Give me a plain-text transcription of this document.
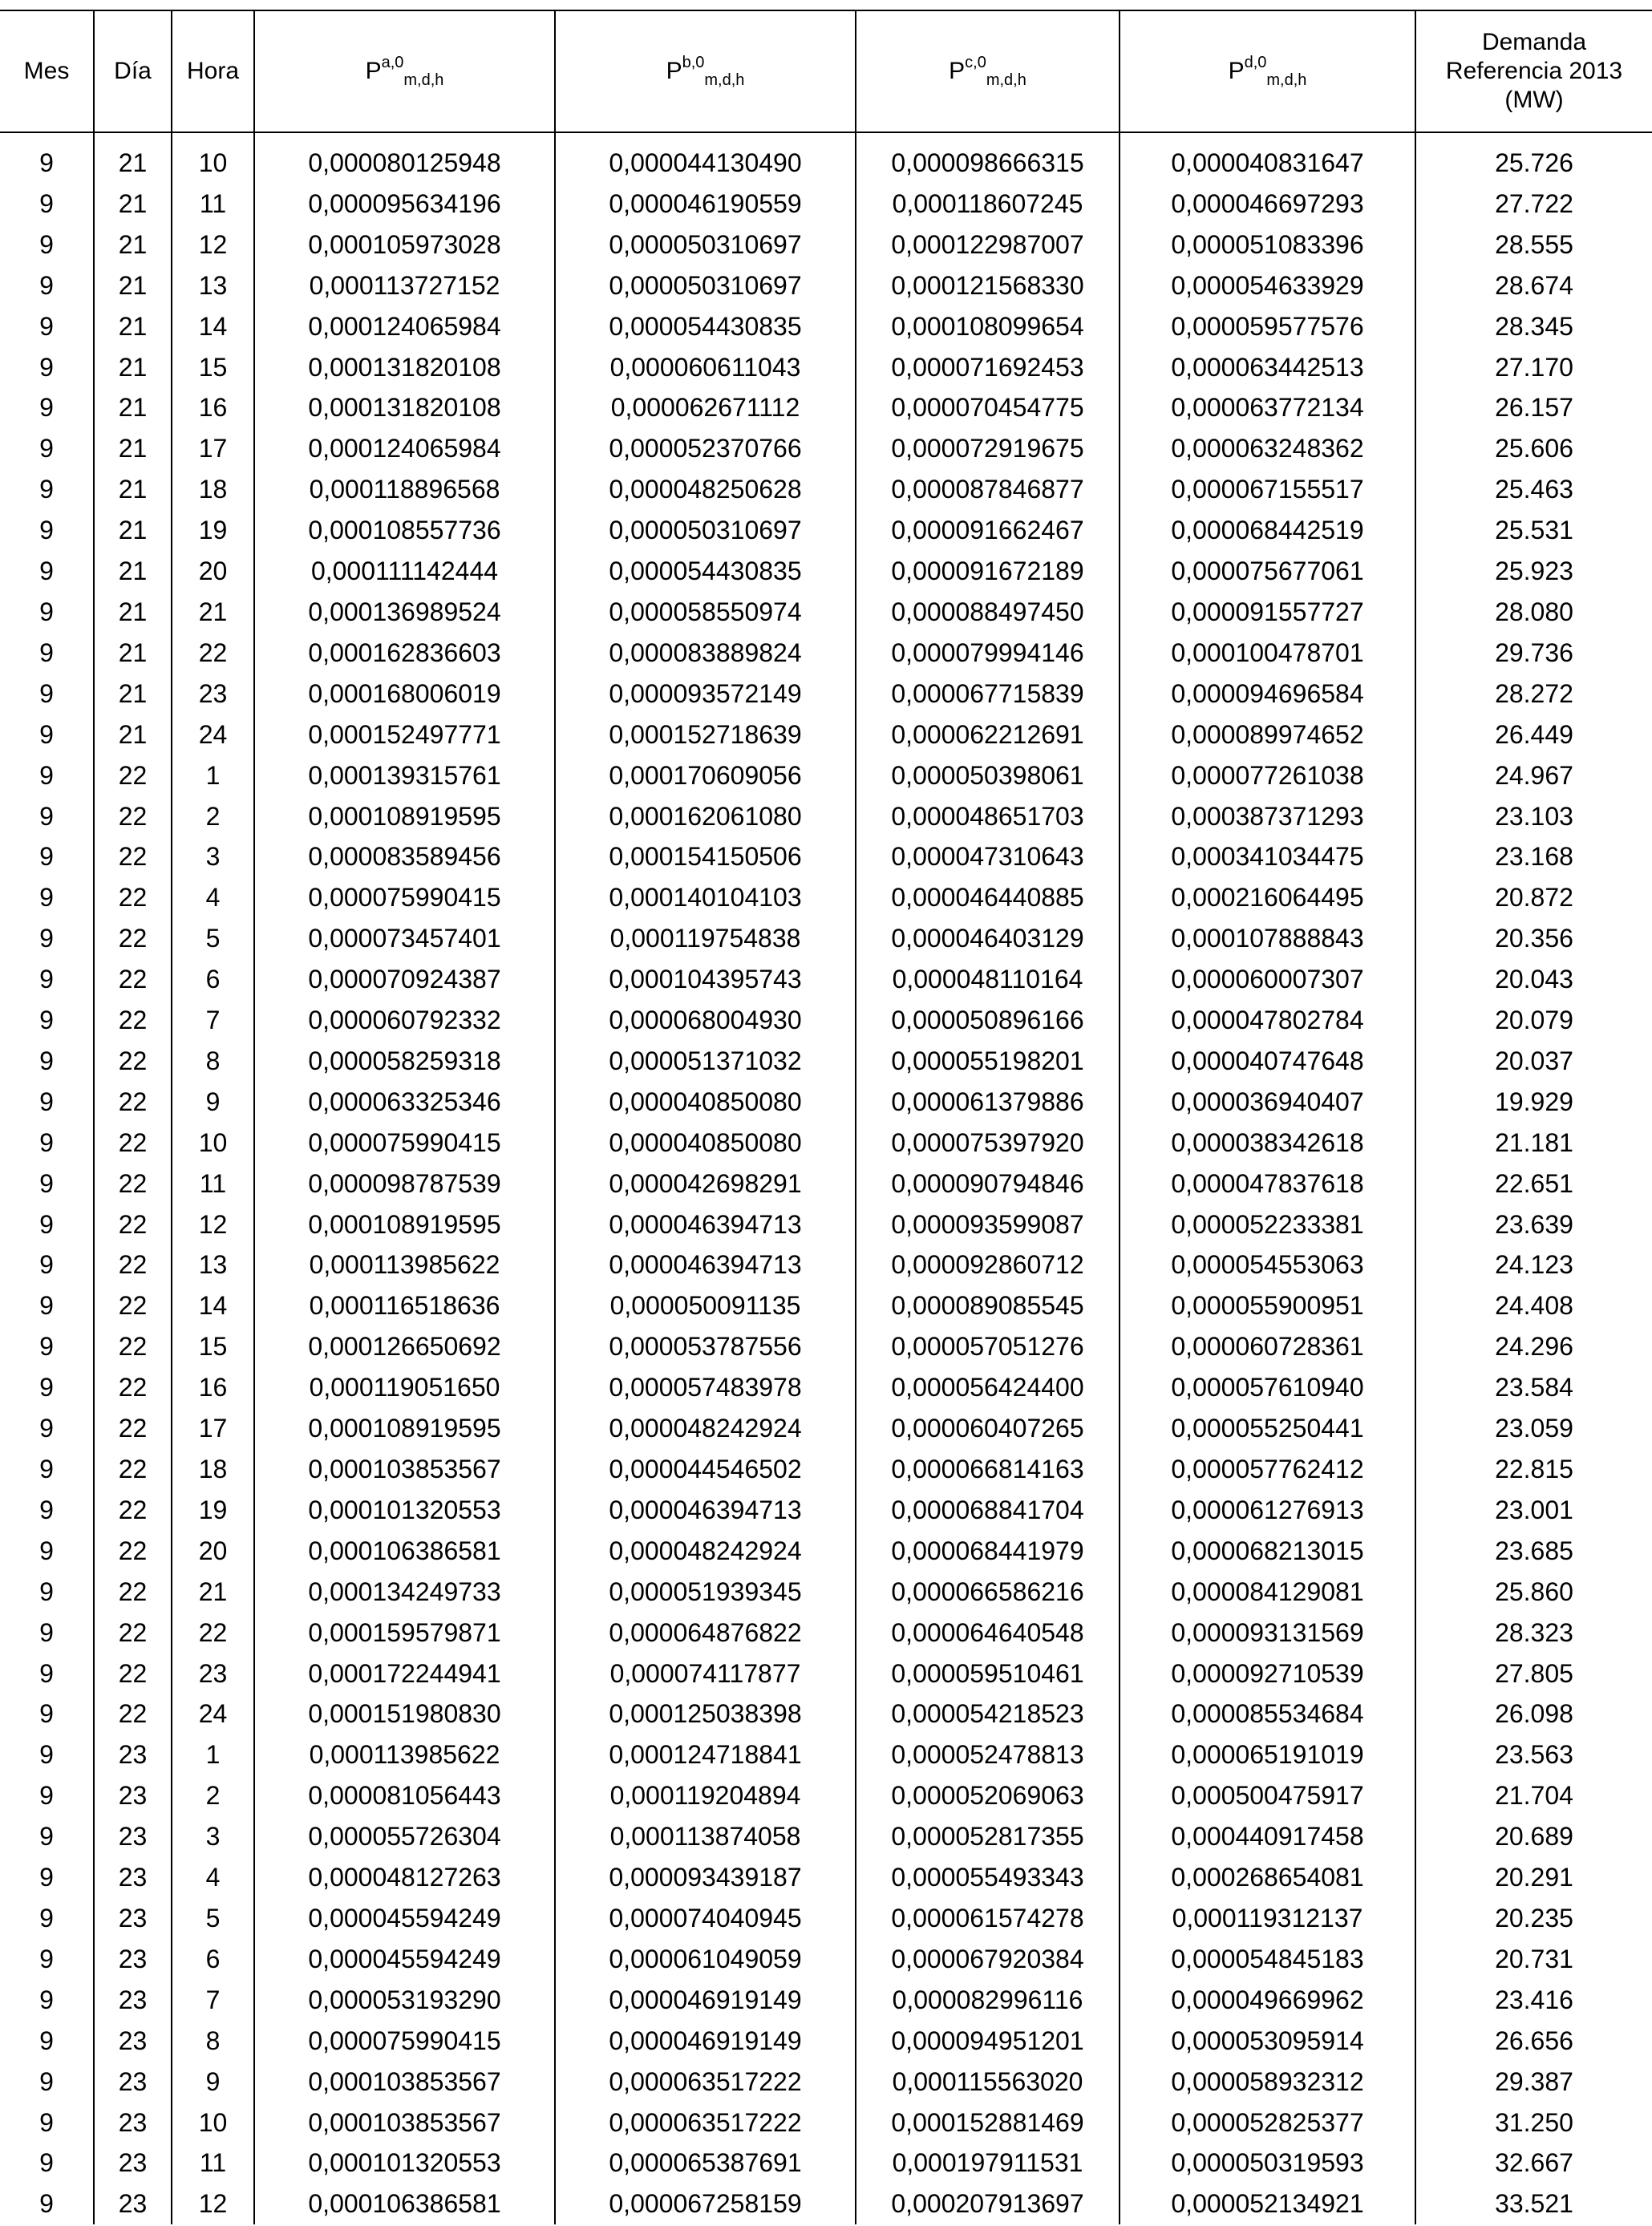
Mes	Día	Hora	P$^{a,0}_{m,d,h}$	P$^{b,0}_{m,d,h}$	P$^{c,0}_{m,d,h}$	P$^{d,0}_{m,d,h}$	Demanda
Referencia 2013
(MW)

9	21	10	0,000080125948	0,000044130490	0,000098666315	0,000040831647	25.726
9	21	11	0,000095634196	0,000046190559	0,000118607245	0,000046697293	27.722
9	21	12	0,000105973028	0,000050310697	0,000122987007	0,000051083396	28.555
9	21	13	0,000113727152	0,000050310697	0,000121568330	0,000054633929	28.674
9	21	14	0,000124065984	0,000054430835	0,000108099654	0,000059577576	28.345
9	21	15	0,000131820108	0,000060611043	0,000071692453	0,000063442513	27.170
9	21	16	0,000131820108	0,000062671112	0,000070454775	0,000063772134	26.157
9	21	17	0,000124065984	0,000052370766	0,000072919675	0,000063248362	25.606
9	21	18	0,000118896568	0,000048250628	0,000087846877	0,000067155517	25.463
9	21	19	0,000108557736	0,000050310697	0,000091662467	0,000068442519	25.531
9	21	20	0,000111142444	0,000054430835	0,000091672189	0,000075677061	25.923
9	21	21	0,000136989524	0,000058550974	0,000088497450	0,000091557727	28.080
9	21	22	0,000162836603	0,000083889824	0,000079994146	0,000100478701	29.736
9	21	23	0,000168006019	0,000093572149	0,000067715839	0,000094696584	28.272
9	21	24	0,000152497771	0,000152718639	0,000062212691	0,000089974652	26.449
9	22	1	0,000139315761	0,000170609056	0,000050398061	0,000077261038	24.967
9	22	2	0,000108919595	0,000162061080	0,000048651703	0,000387371293	23.103
9	22	3	0,000083589456	0,000154150506	0,000047310643	0,000341034475	23.168
9	22	4	0,000075990415	0,000140104103	0,000046440885	0,000216064495	20.872
9	22	5	0,000073457401	0,000119754838	0,000046403129	0,000107888843	20.356
9	22	6	0,000070924387	0,000104395743	0,000048110164	0,000060007307	20.043
9	22	7	0,000060792332	0,000068004930	0,000050896166	0,000047802784	20.079
9	22	8	0,000058259318	0,000051371032	0,000055198201	0,000040747648	20.037
9	22	9	0,000063325346	0,000040850080	0,000061379886	0,000036940407	19.929
9	22	10	0,000075990415	0,000040850080	0,000075397920	0,000038342618	21.181
9	22	11	0,000098787539	0,000042698291	0,000090794846	0,000047837618	22.651
9	22	12	0,000108919595	0,000046394713	0,000093599087	0,000052233381	23.639
9	22	13	0,000113985622	0,000046394713	0,000092860712	0,000054553063	24.123
9	22	14	0,000116518636	0,000050091135	0,000089085545	0,000055900951	24.408
9	22	15	0,000126650692	0,000053787556	0,000057051276	0,000060728361	24.296
9	22	16	0,000119051650	0,000057483978	0,000056424400	0,000057610940	23.584
9	22	17	0,000108919595	0,000048242924	0,000060407265	0,000055250441	23.059
9	22	18	0,000103853567	0,000044546502	0,000066814163	0,000057762412	22.815
9	22	19	0,000101320553	0,000046394713	0,000068841704	0,000061276913	23.001
9	22	20	0,000106386581	0,000048242924	0,000068441979	0,000068213015	23.685
9	22	21	0,000134249733	0,000051939345	0,000066586216	0,000084129081	25.860
9	22	22	0,000159579871	0,000064876822	0,000064640548	0,000093131569	28.323
9	22	23	0,000172244941	0,000074117877	0,000059510461	0,000092710539	27.805
9	22	24	0,000151980830	0,000125038398	0,000054218523	0,000085534684	26.098
9	23	1	0,000113985622	0,000124718841	0,000052478813	0,000065191019	23.563
9	23	2	0,000081056443	0,000119204894	0,000052069063	0,000500475917	21.704
9	23	3	0,000055726304	0,000113874058	0,000052817355	0,000440917458	20.689
9	23	4	0,000048127263	0,000093439187	0,000055493343	0,000268654081	20.291
9	23	5	0,000045594249	0,000074040945	0,000061574278	0,000119312137	20.235
9	23	6	0,000045594249	0,000061049059	0,000067920384	0,000054845183	20.731
9	23	7	0,000053193290	0,000046919149	0,000082996116	0,000049669962	23.416
9	23	8	0,000075990415	0,000046919149	0,000094951201	0,000053095914	26.656
9	23	9	0,000103853567	0,000063517222	0,000115563020	0,000058932312	29.387
9	23	10	0,000103853567	0,000063517222	0,000152881469	0,000052825377	31.250
9	23	11	0,000101320553	0,000065387691	0,000197911531	0,000050319593	32.667
9	23	12	0,000106386581	0,000067258159	0,000207913697	0,000052134921	33.521
